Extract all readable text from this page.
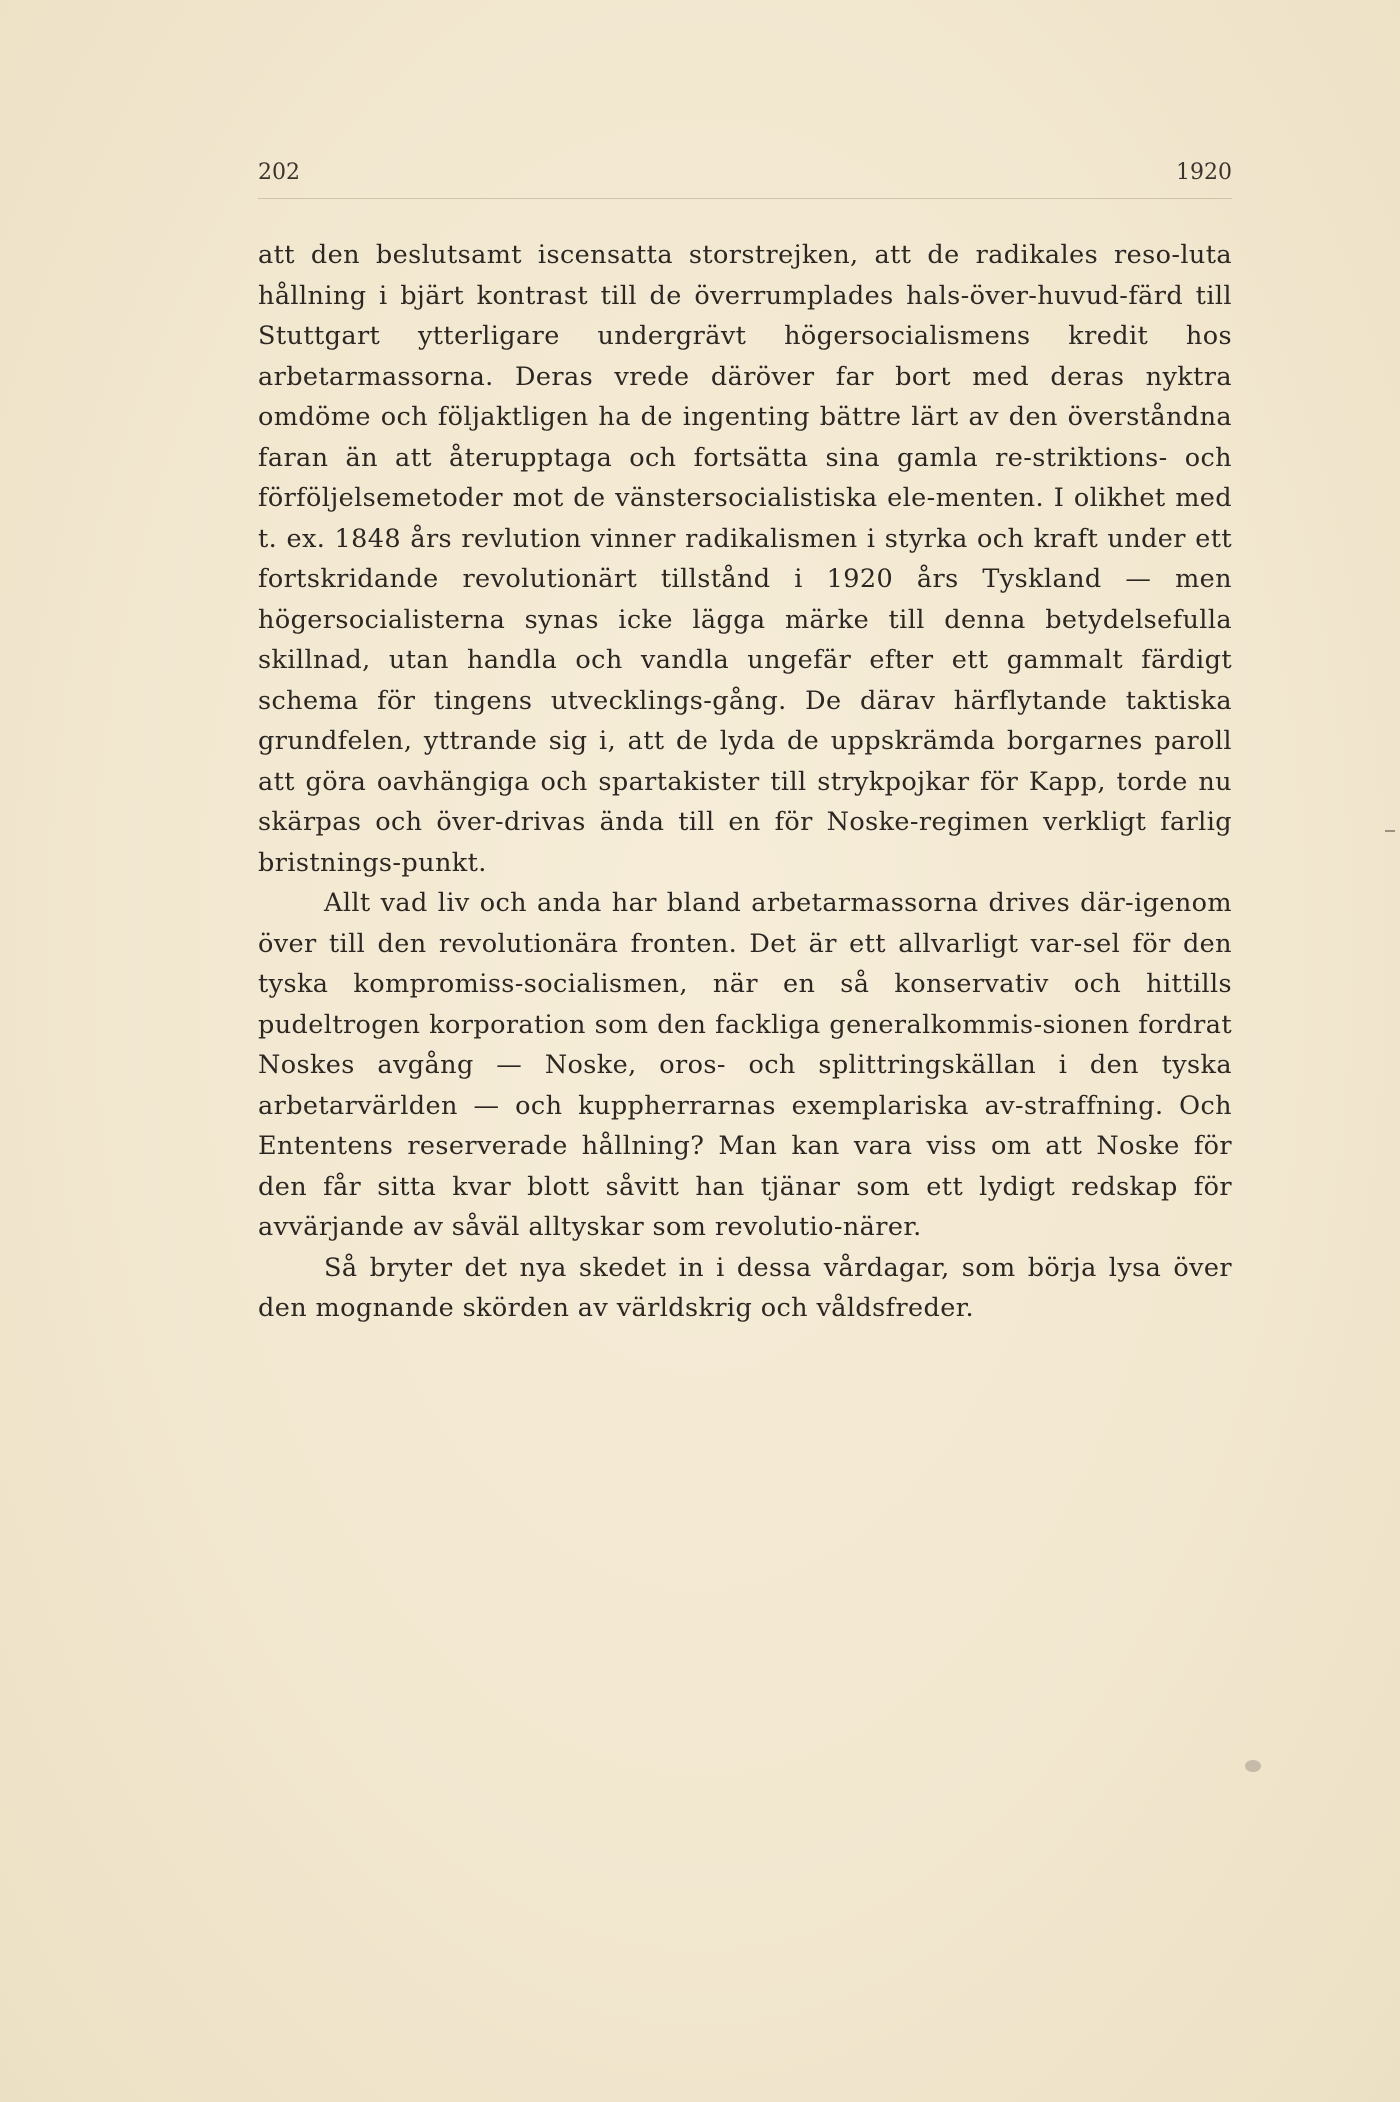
202	1920

att den beslutsamt iscensatta storstrejken, att de radikales reso-luta hållning i bjärt kontrast till de överrumplades hals-över-huvud-färd till Stuttgart ytterligare undergrävt högersocialismens kredit hos arbetarmassorna. Deras vrede däröver far bort med deras nyktra omdöme och följaktligen ha de ingenting bättre lärt av den överståndna faran än att återupptaga och fortsätta sina gamla re-striktions- och förföljelsemetoder mot de vänstersocialistiska ele-menten. I olikhet med t. ex. 1848 års revlution vinner radikalismen i styrka och kraft under ett fortskridande revolutionärt tillstånd i 1920 års Tyskland — men högersocialisterna synas icke lägga märke till denna betydelsefulla skillnad, utan handla och vandla ungefär efter ett gammalt färdigt schema för tingens utvecklings-gång. De därav härflytande taktiska grundfelen, yttrande sig i, att de lyda de uppskrämda borgarnes paroll att göra oavhängiga och spartakister till strykpojkar för Kapp, torde nu skärpas och över-drivas ända till en för Noske-regimen verkligt farlig bristnings-punkt.

Allt vad liv och anda har bland arbetarmassorna drives där-igenom över till den revolutionära fronten. Det är ett allvarligt var-sel för den tyska kompromiss-socialismen, när en så konservativ och hittills pudeltrogen korporation som den fackliga generalkommis-sionen fordrat Noskes avgång — Noske, oros- och splittringskällan i den tyska arbetarvärlden — och kuppherrarnas exemplariska av-straffning. Och Ententens reserverade hållning? Man kan vara viss om att Noske för den får sitta kvar blott såvitt han tjänar som ett lydigt redskap för avvärjande av såväl alltyskar som revolutio-närer.

Så bryter det nya skedet in i dessa vårdagar, som börja lysa över den mognande skörden av världskrig och våldsfreder.
